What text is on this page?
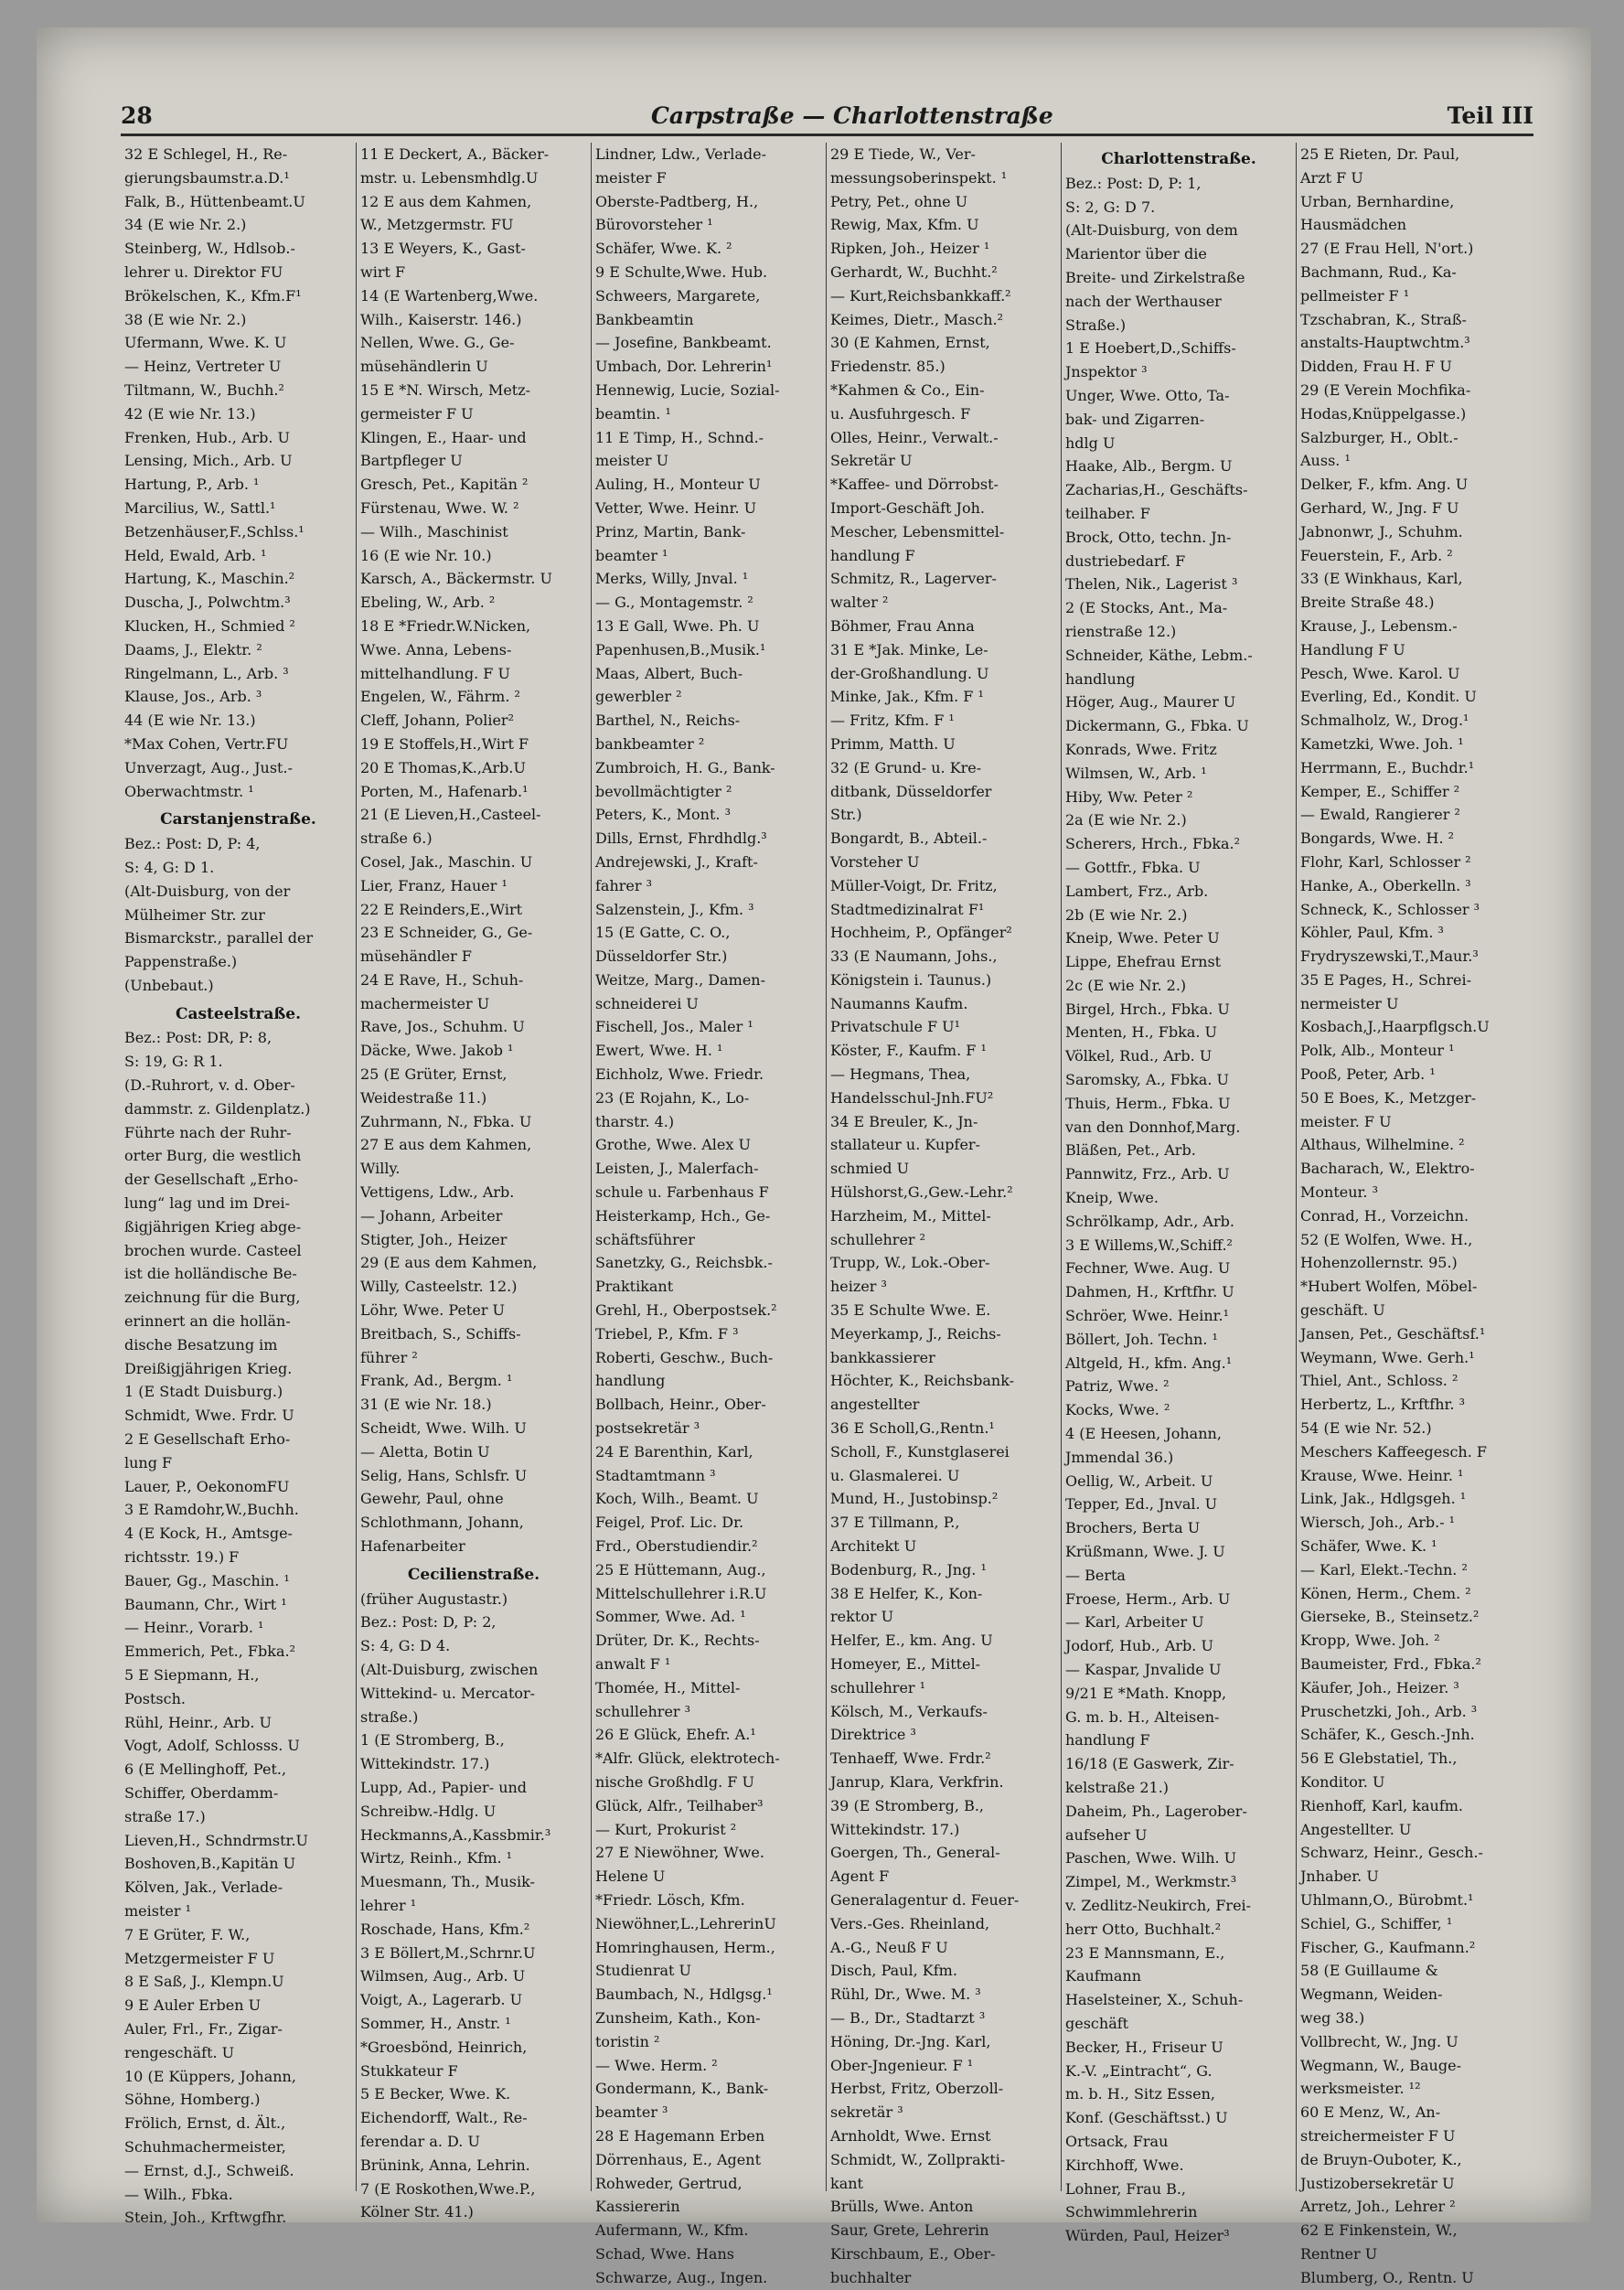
28	Carpstraße — Charlottenstraße	Teil III
32 E Schlegel, H., Re-
gierungsbaumstr.a.D.¹
Falk, B., Hüttenbeamt.U
34 (E wie Nr. 2.)
Steinberg, W., Hdlsob.-
lehrer u. Direktor FU
Brökelschen, K., Kfm.F¹
38 (E wie Nr. 2.)
Ufermann, Wwe. K. U
— Heinz, Vertreter U
Tiltmann, W., Buchh.²
42 (E wie Nr. 13.)
Frenken, Hub., Arb. U
Lensing, Mich., Arb. U
Hartung, P., Arb. ¹
Marcilius, W., Sattl.¹
Betzenhäuser,F.,Schlss.¹
Held, Ewald, Arb. ¹
Hartung, K., Maschin.²
Duscha, J., Polwchtm.³
Klucken, H., Schmied ²
Daams, J., Elektr. ²
Ringelmann, L., Arb. ³
Klause, Jos., Arb. ³
44 (E wie Nr. 13.)
*Max Cohen, Vertr.FU
Unverzagt, Aug., Just.-
Oberwachtmstr. ¹
Carstanjenstraße.
Bez.: Post: D, P: 4,
S: 4, G: D 1.
(Alt-Duisburg, von der
Mülheimer Str. zur
Bismarckstr., parallel der
Pappenstraße.)
(Unbebaut.)
Casteelstraße.
Bez.: Post: DR, P: 8,
S: 19, G: R 1.
(D.-Ruhrort, v. d. Ober-
dammstr. z. Gildenplatz.)
Führte nach der Ruhr-
orter Burg, die westlich
der Gesellschaft „Erho-
lung“ lag und im Drei-
ßigjährigen Krieg abge-
brochen wurde. Casteel
ist die holländische Be-
zeichnung für die Burg,
erinnert an die hollän-
dische Besatzung im
Dreißigjährigen Krieg.
1 (E Stadt Duisburg.)
Schmidt, Wwe. Frdr. U
2 E Gesellschaft Erho-
lung F
Lauer, P., OekonomFU
3 E Ramdohr,W.,Buchh.
4 (E Kock, H., Amtsge-
richtsstr. 19.) F
Bauer, Gg., Maschin. ¹
Baumann, Chr., Wirt ¹
— Heinr., Vorarb. ¹
Emmerich, Pet., Fbka.²
5 E Siepmann, H.,
Postsch.
Rühl, Heinr., Arb. U
Vogt, Adolf, Schlosss. U
6 (E Mellinghoff, Pet.,
Schiffer, Oberdamm-
straße 17.)
Lieven,H., Schndrmstr.U
Boshoven,B.,Kapitän U
Kölven, Jak., Verlade-
meister ¹
7 E Grüter, F. W.,
Metzgermeister F U
8 E Saß, J., Klempn.U
9 E Auler Erben U
Auler, Frl., Fr., Zigar-
rengeschäft. U
10 (E Küppers, Johann,
Söhne, Homberg.)
Frölich, Ernst, d. Ält.,
Schuhmachermeister,
— Ernst, d.J., Schweiß.
— Wilh., Fbka.
Stein, Joh., Krftwgfhr.
11 E Deckert, A., Bäcker-
mstr. u. Lebensmhdlg.U
12 E aus dem Kahmen,
W., Metzgermstr. FU
13 E Weyers, K., Gast-
wirt F
14 (E Wartenberg,Wwe.
Wilh., Kaiserstr. 146.)
Nellen, Wwe. G., Ge-
müsehändlerin U
15 E *N. Wirsch, Metz-
germeister F U
Klingen, E., Haar- und
Bartpfleger U
Gresch, Pet., Kapitän ²
Fürstenau, Wwe. W. ²
— Wilh., Maschinist
16 (E wie Nr. 10.)
Karsch, A., Bäckermstr. U
Ebeling, W., Arb. ²
18 E *Friedr.W.Nicken,
Wwe. Anna, Lebens-
mittelhandlung. F U
Engelen, W., Fährm. ²
Cleff, Johann, Polier²
19 E Stoffels,H.,Wirt F
20 E Thomas,K.,Arb.U
Porten, M., Hafenarb.¹
21 (E Lieven,H.,Casteel-
straße 6.)
Cosel, Jak., Maschin. U
Lier, Franz, Hauer ¹
22 E Reinders,E.,Wirt
23 E Schneider, G., Ge-
müsehändler F
24 E Rave, H., Schuh-
machermeister U
Rave, Jos., Schuhm. U
Däcke, Wwe. Jakob ¹
25 (E Grüter, Ernst,
Weidestraße 11.)
Zuhrmann, N., Fbka. U
27 E aus dem Kahmen,
Willy.
Vettigens, Ldw., Arb.
— Johann, Arbeiter
Stigter, Joh., Heizer
29 (E aus dem Kahmen,
Willy, Casteelstr. 12.)
Löhr, Wwe. Peter U
Breitbach, S., Schiffs-
führer ²
Frank, Ad., Bergm. ¹
31 (E wie Nr. 18.)
Scheidt, Wwe. Wilh. U
— Aletta, Botin U
Selig, Hans, Schlsfr. U
Gewehr, Paul, ohne
Schlothmann, Johann,
Hafenarbeiter
Cecilienstraße.
(früher Augustastr.)
Bez.: Post: D, P: 2,
S: 4, G: D 4.
(Alt-Duisburg, zwischen
Wittekind- u. Mercator-
straße.)
1 (E Stromberg, B.,
Wittekindstr. 17.)
Lupp, Ad., Papier- und
Schreibw.-Hdlg. U
Heckmanns,A.,Kassbmir.³
Wirtz, Reinh., Kfm. ¹
Muesmann, Th., Musik-
lehrer ¹
Roschade, Hans, Kfm.²
3 E Böllert,M.,Schrnr.U
Wilmsen, Aug., Arb. U
Voigt, A., Lagerarb. U
Sommer, H., Anstr. ¹
*Groesbönd, Heinrich,
Stukkateur F
5 E Becker, Wwe. K.
Eichendorff, Walt., Re-
ferendar a. D. U
Brünink, Anna, Lehrin.
7 (E Roskothen,Wwe.P.,
Kölner Str. 41.)
Lindner, Ldw., Verlade-
meister F
Oberste-Padtberg, H.,
Bürovorsteher ¹
Schäfer, Wwe. K. ²
9 E Schulte,Wwe. Hub.
Schweers, Margarete,
Bankbeamtin
— Josefine, Bankbeamt.
Umbach, Dor. Lehrerin¹
Hennewig, Lucie, Sozial-
beamtin. ¹
11 E Timp, H., Schnd.-
meister U
Auling, H., Monteur U
Vetter, Wwe. Heinr. U
Prinz, Martin, Bank-
beamter ¹
Merks, Willy, Jnval. ¹
— G., Montagemstr. ²
13 E Gall, Wwe. Ph. U
Papenhusen,B.,Musik.¹
Maas, Albert, Buch-
gewerbler ²
Barthel, N., Reichs-
bankbeamter ²
Zumbroich, H. G., Bank-
bevollmächtigter ²
Peters, K., Mont. ³
Dills, Ernst, Fhrdhdlg.³
Andrejewski, J., Kraft-
fahrer ³
Salzenstein, J., Kfm. ³
15 (E Gatte, C. O.,
Düsseldorfer Str.)
Weitze, Marg., Damen-
schneiderei U
Fischell, Jos., Maler ¹
Ewert, Wwe. H. ¹
Eichholz, Wwe. Friedr.
23 (E Rojahn, K., Lo-
tharstr. 4.)
Grothe, Wwe. Alex U
Leisten, J., Malerfach-
schule u. Farbenhaus F
Heisterkamp, Hch., Ge-
schäftsführer
Sanetzky, G., Reichsbk.-
Praktikant
Grehl, H., Oberpostsek.²
Triebel, P., Kfm. F ³
Roberti, Geschw., Buch-
handlung
Bollbach, Heinr., Ober-
postsekretär ³
24 E Barenthin, Karl,
Stadtamtmann ³
Koch, Wilh., Beamt. U
Feigel, Prof. Lic. Dr.
Frd., Oberstudiendir.²
25 E Hüttemann, Aug.,
Mittelschullehrer i.R.U
Sommer, Wwe. Ad. ¹
Drüter, Dr. K., Rechts-
anwalt F ¹
Thomée, H., Mittel-
schullehrer ³
26 E Glück, Ehefr. A.¹
*Alfr. Glück, elektrotech-
nische Großhdlg. F U
Glück, Alfr., Teilhaber³
— Kurt, Prokurist ²
27 E Niewöhner, Wwe.
Helene U
*Friedr. Lösch, Kfm.
Niewöhner,L.,LehrerinU
Homringhausen, Herm.,
Studienrat U
Baumbach, N., Hdlgsg.¹
Zunsheim, Kath., Kon-
toristin ²
— Wwe. Herm. ²
Gondermann, K., Bank-
beamter ³
28 E Hagemann Erben
Dörrenhaus, E., Agent
Rohweder, Gertrud,
Kassiererin
Aufermann, W., Kfm.
Schad, Wwe. Hans
Schwarze, Aug., Ingen.
29 E Tiede, W., Ver-
messungsoberinspekt. ¹
Petry, Pet., ohne U
Rewig, Max, Kfm. U
Ripken, Joh., Heizer ¹
Gerhardt, W., Buchht.²
— Kurt,Reichsbankkaff.²
Keimes, Dietr., Masch.²
30 (E Kahmen, Ernst,
Friedenstr. 85.)
*Kahmen & Co., Ein-
u. Ausfuhrgesch. F
Olles, Heinr., Verwalt.-
Sekretär U
*Kaffee- und Dörrobst-
Import-Geschäft Joh.
Mescher, Lebensmittel-
handlung F
Schmitz, R., Lagerver-
walter ²
Böhmer, Frau Anna
31 E *Jak. Minke, Le-
der-Großhandlung. U
Minke, Jak., Kfm. F ¹
— Fritz, Kfm. F ¹
Primm, Matth. U
32 (E Grund- u. Kre-
ditbank, Düsseldorfer
Str.)
Bongardt, B., Abteil.-
Vorsteher U
Müller-Voigt, Dr. Fritz,
Stadtmedizinalrat F¹
Hochheim, P., Opfänger²
33 (E Naumann, Johs.,
Königstein i. Taunus.)
Naumanns Kaufm.
Privatschule F U¹
Köster, F., Kaufm. F ¹
— Hegmans, Thea,
Handelsschul-Jnh.FU²
34 E Breuler, K., Jn-
stallateur u. Kupfer-
schmied U
Hülshorst,G.,Gew.-Lehr.²
Harzheim, M., Mittel-
schullehrer ²
Trupp, W., Lok.-Ober-
heizer ³
35 E Schulte Wwe. E.
Meyerkamp, J., Reichs-
bankkassierer
Höchter, K., Reichsbank-
angestellter
36 E Scholl,G.,Rentn.¹
Scholl, F., Kunstglaserei
u. Glasmalerei. U
Mund, H., Justobinsp.²
37 E Tillmann, P.,
Architekt U
Bodenburg, R., Jng. ¹
38 E Helfer, K., Kon-
rektor U
Helfer, E., km. Ang. U
Homeyer, E., Mittel-
schullehrer ¹
Kölsch, M., Verkaufs-
Direktrice ³
Tenhaeff, Wwe. Frdr.²
Janrup, Klara, Verkfrin.
39 (E Stromberg, B.,
Wittekindstr. 17.)
Goergen, Th., General-
Agent F
Generalagentur d. Feuer-
Vers.-Ges. Rheinland,
A.-G., Neuß F U
Disch, Paul, Kfm.
Rühl, Dr., Wwe. M. ³
— B., Dr., Stadtarzt ³
Höning, Dr.-Jng. Karl,
Ober-Jngenieur. F ¹
Herbst, Fritz, Oberzoll-
sekretär ³
Arnholdt, Wwe. Ernst
Schmidt, W., Zollprakti-
kant
Brülls, Wwe. Anton
Saur, Grete, Lehrerin
Kirschbaum, E., Ober-
buchhalter
Charlottenstraße.
Bez.: Post: D, P: 1,
S: 2, G: D 7.
(Alt-Duisburg, von dem
Marientor über die
Breite- und Zirkelstraße
nach der Werthauser
Straße.)
1 E Hoebert,D.,Schiffs-
Jnspektor ³
Unger, Wwe. Otto, Ta-
bak- und Zigarren-
hdlg U
Haake, Alb., Bergm. U
Zacharias,H., Geschäfts-
teilhaber. F
Brock, Otto, techn. Jn-
dustriebedarf. F
Thelen, Nik., Lagerist ³
2 (E Stocks, Ant., Ma-
rienstraße 12.)
Schneider, Käthe, Lebm.-
handlung
Höger, Aug., Maurer U
Dickermann, G., Fbka. U
Konrads, Wwe. Fritz
Wilmsen, W., Arb. ¹
Hiby, Ww. Peter ²
2a (E wie Nr. 2.)
Scherers, Hrch., Fbka.²
— Gottfr., Fbka. U
Lambert, Frz., Arb.
2b (E wie Nr. 2.)
Kneip, Wwe. Peter U
Lippe, Ehefrau Ernst
2c (E wie Nr. 2.)
Birgel, Hrch., Fbka. U
Menten, H., Fbka. U
Völkel, Rud., Arb. U
Saromsky, A., Fbka. U
Thuis, Herm., Fbka. U
van den Donnhof,Marg.
Bläßen, Pet., Arb.
Pannwitz, Frz., Arb. U
Kneip, Wwe.
Schrölkamp, Adr., Arb.
3 E Willems,W.,Schiff.²
Fechner, Wwe. Aug. U
Dahmen, H., Krftfhr. U
Schröer, Wwe. Heinr.¹
Böllert, Joh. Techn. ¹
Altgeld, H., kfm. Ang.¹
Patriz, Wwe. ²
Kocks, Wwe. ²
4 (E Heesen, Johann,
Jmmendal 36.)
Oellig, W., Arbeit. U
Tepper, Ed., Jnval. U
Brochers, Berta U
Krüßmann, Wwe. J. U
— Berta
Froese, Herm., Arb. U
— Karl, Arbeiter U
Jodorf, Hub., Arb. U
— Kaspar, Jnvalide U
9/21 E *Math. Knopp,
G. m. b. H., Alteisen-
handlung F
16/18 (E Gaswerk, Zir-
kelstraße 21.)
Daheim, Ph., Lagerober-
aufseher U
Paschen, Wwe. Wilh. U
Zimpel, M., Werkmstr.³
v. Zedlitz-Neukirch, Frei-
herr Otto, Buchhalt.²
23 E Mannsmann, E.,
Kaufmann
Haselsteiner, X., Schuh-
geschäft
Becker, H., Friseur U
K.-V. „Eintracht“, G.
m. b. H., Sitz Essen,
Konf. (Geschäftsst.) U
Ortsack, Frau
Kirchhoff, Wwe.
Lohner, Frau B.,
Schwimmlehrerin
Würden, Paul, Heizer³
25 E Rieten, Dr. Paul,
Arzt F U
Urban, Bernhardine,
Hausmädchen
27 (E Frau Hell, N'ort.)
Bachmann, Rud., Ka-
pellmeister F ¹
Tzschabran, K., Straß-
anstalts-Hauptwchtm.³
Didden, Frau H. F U
29 (E Verein Mochfika-
Hodas,Knüppelgasse.)
Salzburger, H., Oblt.-
Auss. ¹
Delker, F., kfm. Ang. U
Gerhard, W., Jng. F U
Jabnonwr, J., Schuhm.
Feuerstein, F., Arb. ²
33 (E Winkhaus, Karl,
Breite Straße 48.)
Krause, J., Lebensm.-
Handlung F U
Pesch, Wwe. Karol. U
Everling, Ed., Kondit. U
Schmalholz, W., Drog.¹
Kametzki, Wwe. Joh. ¹
Herrmann, E., Buchdr.¹
Kemper, E., Schiffer ²
— Ewald, Rangierer ²
Bongards, Wwe. H. ²
Flohr, Karl, Schlosser ²
Hanke, A., Oberkelln. ³
Schneck, K., Schlosser ³
Köhler, Paul, Kfm. ³
Frydryszewski,T.,Maur.³
35 E Pages, H., Schrei-
nermeister U
Kosbach,J.,Haarpflgsch.U
Polk, Alb., Monteur ¹
Pooß, Peter, Arb. ¹
50 E Boes, K., Metzger-
meister. F U
Althaus, Wilhelmine. ²
Bacharach, W., Elektro-
Monteur. ³
Conrad, H., Vorzeichn.
52 (E Wolfen, Wwe. H.,
Hohenzollernstr. 95.)
*Hubert Wolfen, Möbel-
geschäft. U
Jansen, Pet., Geschäftsf.¹
Weymann, Wwe. Gerh.¹
Thiel, Ant., Schloss. ²
Herbertz, L., Krftfhr. ³
54 (E wie Nr. 52.)
Meschers Kaffeegesch. F
Krause, Wwe. Heinr. ¹
Link, Jak., Hdlgsgeh. ¹
Wiersch, Joh., Arb.- ¹
Schäfer, Wwe. K. ¹
— Karl, Elekt.-Techn. ²
Könen, Herm., Chem. ²
Gierseke, B., Steinsetz.²
Kropp, Wwe. Joh. ²
Baumeister, Frd., Fbka.²
Käufer, Joh., Heizer. ³
Pruschetzki, Joh., Arb. ³
Schäfer, K., Gesch.-Jnh.
56 E Glebstatiel, Th.,
Konditor. U
Rienhoff, Karl, kaufm.
Angestellter. U
Schwarz, Heinr., Gesch.-
Jnhaber. U
Uhlmann,O., Bürobmt.¹
Schiel, G., Schiffer, ¹
Fischer, G., Kaufmann.²
58 (E Guillaume &
Wegmann, Weiden-
weg 38.)
Vollbrecht, W., Jng. U
Wegmann, W., Bauge-
werksmeister. ¹²
60 E Menz, W., An-
streichermeister F U
de Bruyn-Ouboter, K.,
Justizobersekretär U
Arretz, Joh., Lehrer ²
62 E Finkenstein, W.,
Rentner U
Blumberg, O., Rentn. U
